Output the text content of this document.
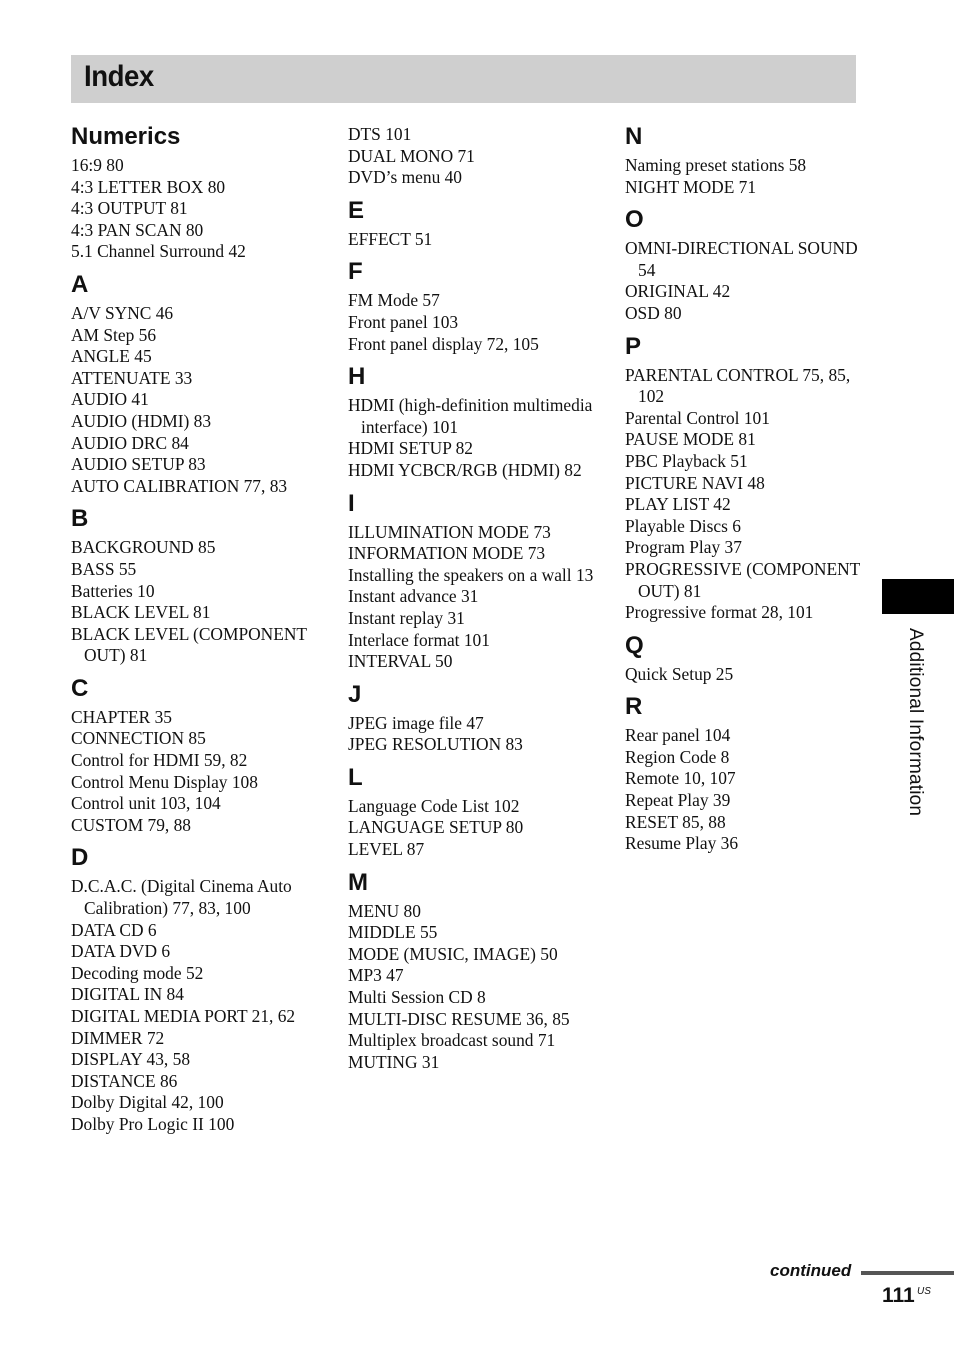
Index
Numerics
16:9 80
4:3 LETTER BOX 80
4:3 OUTPUT 81
4:3 PAN SCAN 80
5.1 Channel Surround 42
A
A/V SYNC 46
AM Step 56
ANGLE 45
ATTENUATE 33
AUDIO 41
AUDIO (HDMI) 83
AUDIO DRC 84
AUDIO SETUP 83
AUTO CALIBRATION 77, 83
B
BACKGROUND 85
BASS 55
Batteries 10
BLACK LEVEL 81
BLACK LEVEL (COMPONENT OUT) 81
C
CHAPTER 35
CONNECTION 85
Control for HDMI 59, 82
Control Menu Display 108
Control unit 103, 104
CUSTOM 79, 88
D
D.C.A.C. (Digital Cinema Auto Calibration) 77, 83, 100
DATA CD 6
DATA DVD 6
Decoding mode 52
DIGITAL IN 84
DIGITAL MEDIA PORT 21, 62
DIMMER 72
DISPLAY 43, 58
DISTANCE 86
Dolby Digital 42, 100
Dolby Pro Logic II 100
DTS 101
DUAL MONO 71
DVD’s menu 40
E
EFFECT 51
F
FM Mode 57
Front panel 103
Front panel display 72, 105
H
HDMI (high-definition multimedia interface) 101
HDMI SETUP 82
HDMI YCBCR/RGB (HDMI) 82
I
ILLUMINATION MODE 73
INFORMATION MODE 73
Installing the speakers on a wall 13
Instant advance 31
Instant replay 31
Interlace format 101
INTERVAL 50
J
JPEG image file 47
JPEG RESOLUTION 83
L
Language Code List 102
LANGUAGE SETUP 80
LEVEL 87
M
MENU 80
MIDDLE 55
MODE (MUSIC, IMAGE) 50
MP3 47
Multi Session CD 8
MULTI-DISC RESUME 36, 85
Multiplex broadcast sound 71
MUTING 31
N
Naming preset stations 58
NIGHT MODE 71
O
OMNI-DIRECTIONAL SOUND 54
ORIGINAL 42
OSD 80
P
PARENTAL CONTROL 75, 85, 102
Parental Control 101
PAUSE MODE 81
PBC Playback 51
PICTURE NAVI 48
PLAY LIST 42
Playable Discs 6
Program Play 37
PROGRESSIVE (COMPONENT OUT) 81
Progressive format 28, 101
Q
Quick Setup 25
R
Rear panel 104
Region Code 8
Remote 10, 107
Repeat Play 39
RESET 85, 88
Resume Play 36
Additional Information
continued
111 US
